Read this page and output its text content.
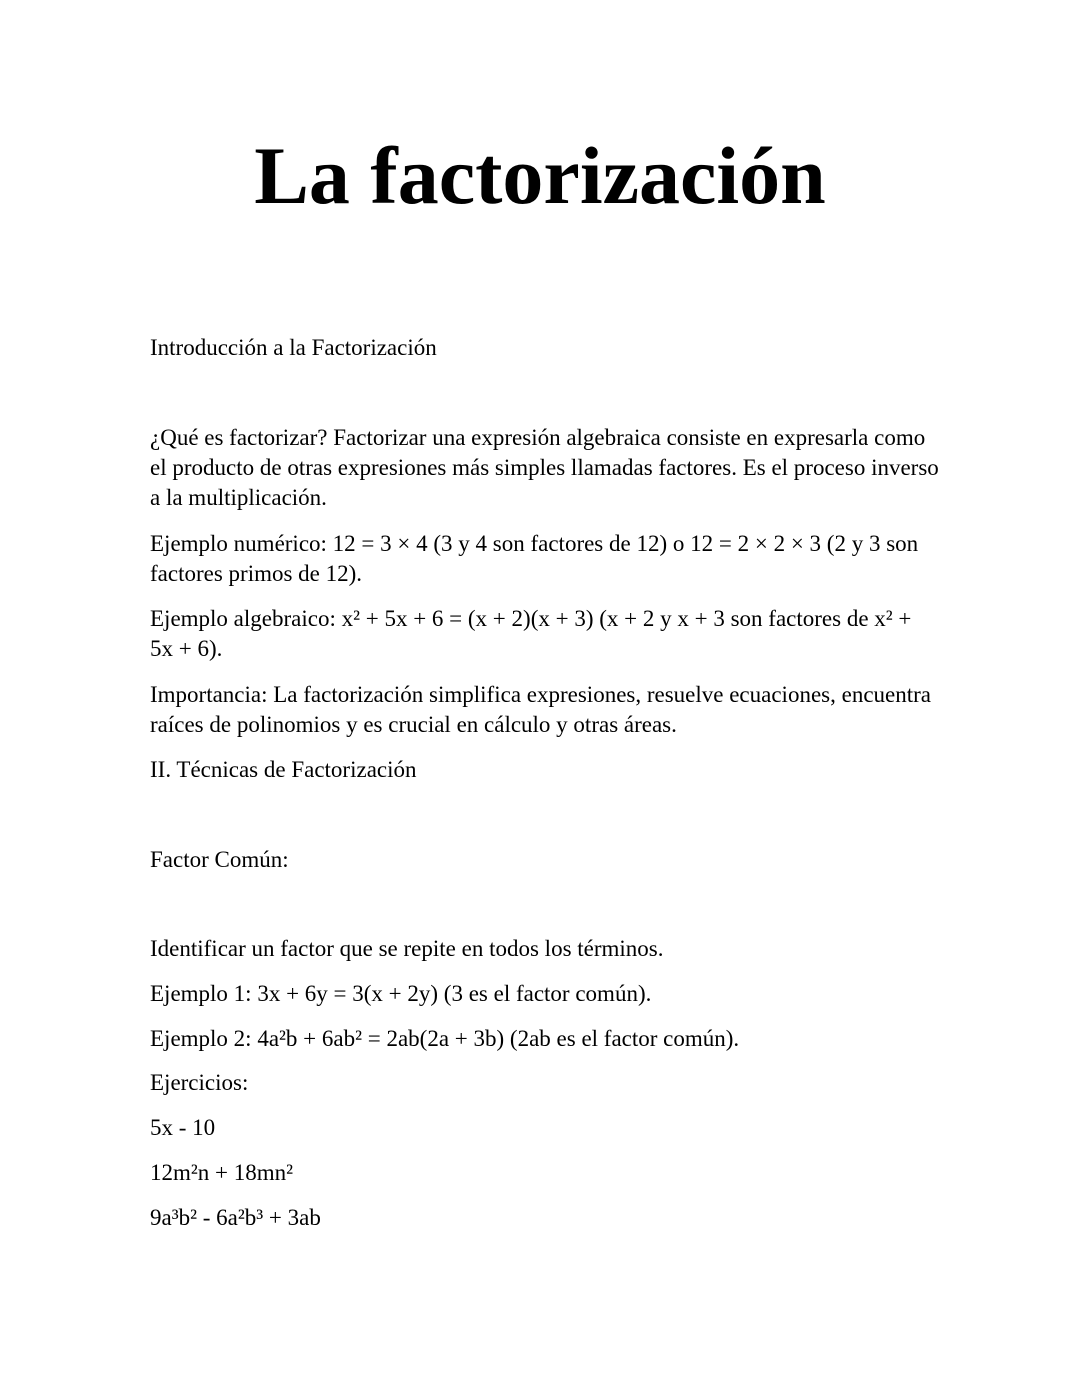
La factorización

Introducción a la Factorización

¿Qué es factorizar? Factorizar una expresión algebraica consiste en expresarla como el producto de otras expresiones más simples llamadas factores. Es el proceso inverso a la multiplicación.

Ejemplo numérico: 12 = 3 × 4 (3 y 4 son factores de 12) o 12 = 2 × 2 × 3 (2 y 3 son factores primos de 12).

Ejemplo algebraico: x² + 5x + 6 = (x + 2)(x + 3) (x + 2 y x + 3 son factores de x² + 5x + 6).

Importancia: La factorización simplifica expresiones, resuelve ecuaciones, encuentra raíces de polinomios y es crucial en cálculo y otras áreas.

II. Técnicas de Factorización

Factor Común:

Identificar un factor que se repite en todos los términos.

Ejemplo 1: 3x + 6y = 3(x + 2y) (3 es el factor común).

Ejemplo 2: 4a²b + 6ab² = 2ab(2a + 3b) (2ab es el factor común).

Ejercicios:

5x - 10

12m²n + 18mn²

9a³b² - 6a²b³ + 3ab
